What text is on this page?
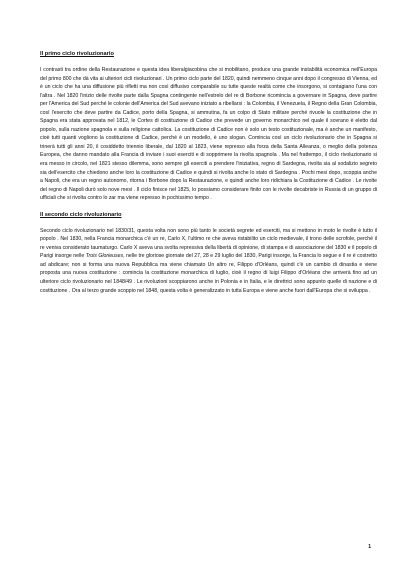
Il primo ciclo rivoluzionario

I contrasti tra ordine della Restaurazione e questa idea liberalgiacobina che si mobilitano, produce una grande instabilità economica nell'Europa del primo 800 che dà vita ai ulteriori cicli rivoluzionari . Un primo ciclo parte del 1820, quindi nemmeno cinque anni dopo il congresso di Vienna, ed è un ciclo che ha una diffusione più rifletti ma non così diffusivo comparabile su tutte queste realtà come che insorgono, si contagiano l'una con l'altra . Nel 1820 l'inizio delle rivolte parte dalla Spagna contingente nell'estrelo del re di Borbone ricomincia a governare in Spagna, deve partire per l'America del Sud perché le colonie dell'America del Sud avevano iniziato a ribellarsi : la Colombia, il Venezuela, il Regno della Gran Colombia, così l'esercito che deve partire da Cadice, porto della Spagna, si ammutina, fa un colpo di Stato militare perché rivuole la costituzione che in Spagna era stata approvata nel 1812, le Cortes di costituzione di Cadice che prevede un governo monarchico nel quale il sovrano è eletto dal popolo, sulla nazione spagnola e sulla religione cattolica. La costituzione di Cadice non è solo un testo costituzionale, ma è anche un manifesto, cioè tutti quanti vogliono la costituzione di Cadice, perché è un modello, è uno slogan. Comincia così un ciclo rivoluzionario che in Spagna si trinerà tutti gli anni 20, il cosiddetto triennio liberale, dal 1820 al 1823, viene represso alla forza della Santa Alleanza, o meglio della potenza Europea, che danno mandato alla Francia di inviare i suoi eserciti e di sopprimere la rivolta spagnola . Ma nel frattempo, il ciclo rivoluzionario si era messo in circolo, nel 1821 stesso dilemma, sono sempre gli eserciti a prendere l'iniziativa, regno di Sardegna, rivolta sia al sodalizio segreto sia dell'esercito che chiedono anche loro la costituzione di Cadice e quindi si rivolta anche lo stato di Sardegna . Pochi mesi dopo, scoppia anche a Napoli, che era un regno autonomo, ritorna i Borbone dopo la Restaurazione, e quindi anche loro ridichiara la Costituzione di Cadice . Le rivolte del regno di Napoli durò solo nove mesi . Il ciclo finisce nel 1825, lo possiamo considerare finito con le rivolte decabriste in Russia di un gruppo di ufficiali che si rivolta contro lo zar ma viene represso in pochissimo tempo .

Il secondo ciclo rivoluzionario

Secondo ciclo rivoluzionario nel 1830/31, questa volta non sono più tanto le società segrete ed eserciti, ma si mettono in moto le rivolte è tutto il popolo . Nel 1830, nella Francia monarchica c'è un re, Carlo X, l'ultimo re che aveva ristabilito un ciclo medievale, il trono delle scrofole, perché il re veniva considerato taumaturgo. Carlo X aveva una svolta repressiva della libertà di opinione, di stampa e di associazione del 1830 e il popolo di Parigi insorge nelle Trois Glorieuses, nelle tre gloriose giornate del 27, 28 e 29 luglio del 1830, Parigi insorge, la Francia lo segue e il re è costretto ad abdicare; non si forma una nuova Repubblica ma viene chiamato Un altro re, Filippo d'Orléans, quindi c'è un cambio di dinastia e viene proposta una nuova costituzione : comincia la costituzione monarchica di luglio, cioè il regno di luigi Filippo d'Orléans che arriverà fino ad un ulteriore ciclo rivoluzionario nel 1848/49 . Le rivoluzioni scoppiarono anche in Polonia e in Italia, e le direttrici sono appunto quelle di nazione e di costituzione . Ora al terzo grande scoppio nel 1848, questa volta è generalizzato in tutta Europa e viene anche fuori dall'Europa che si sviluppa .

1
